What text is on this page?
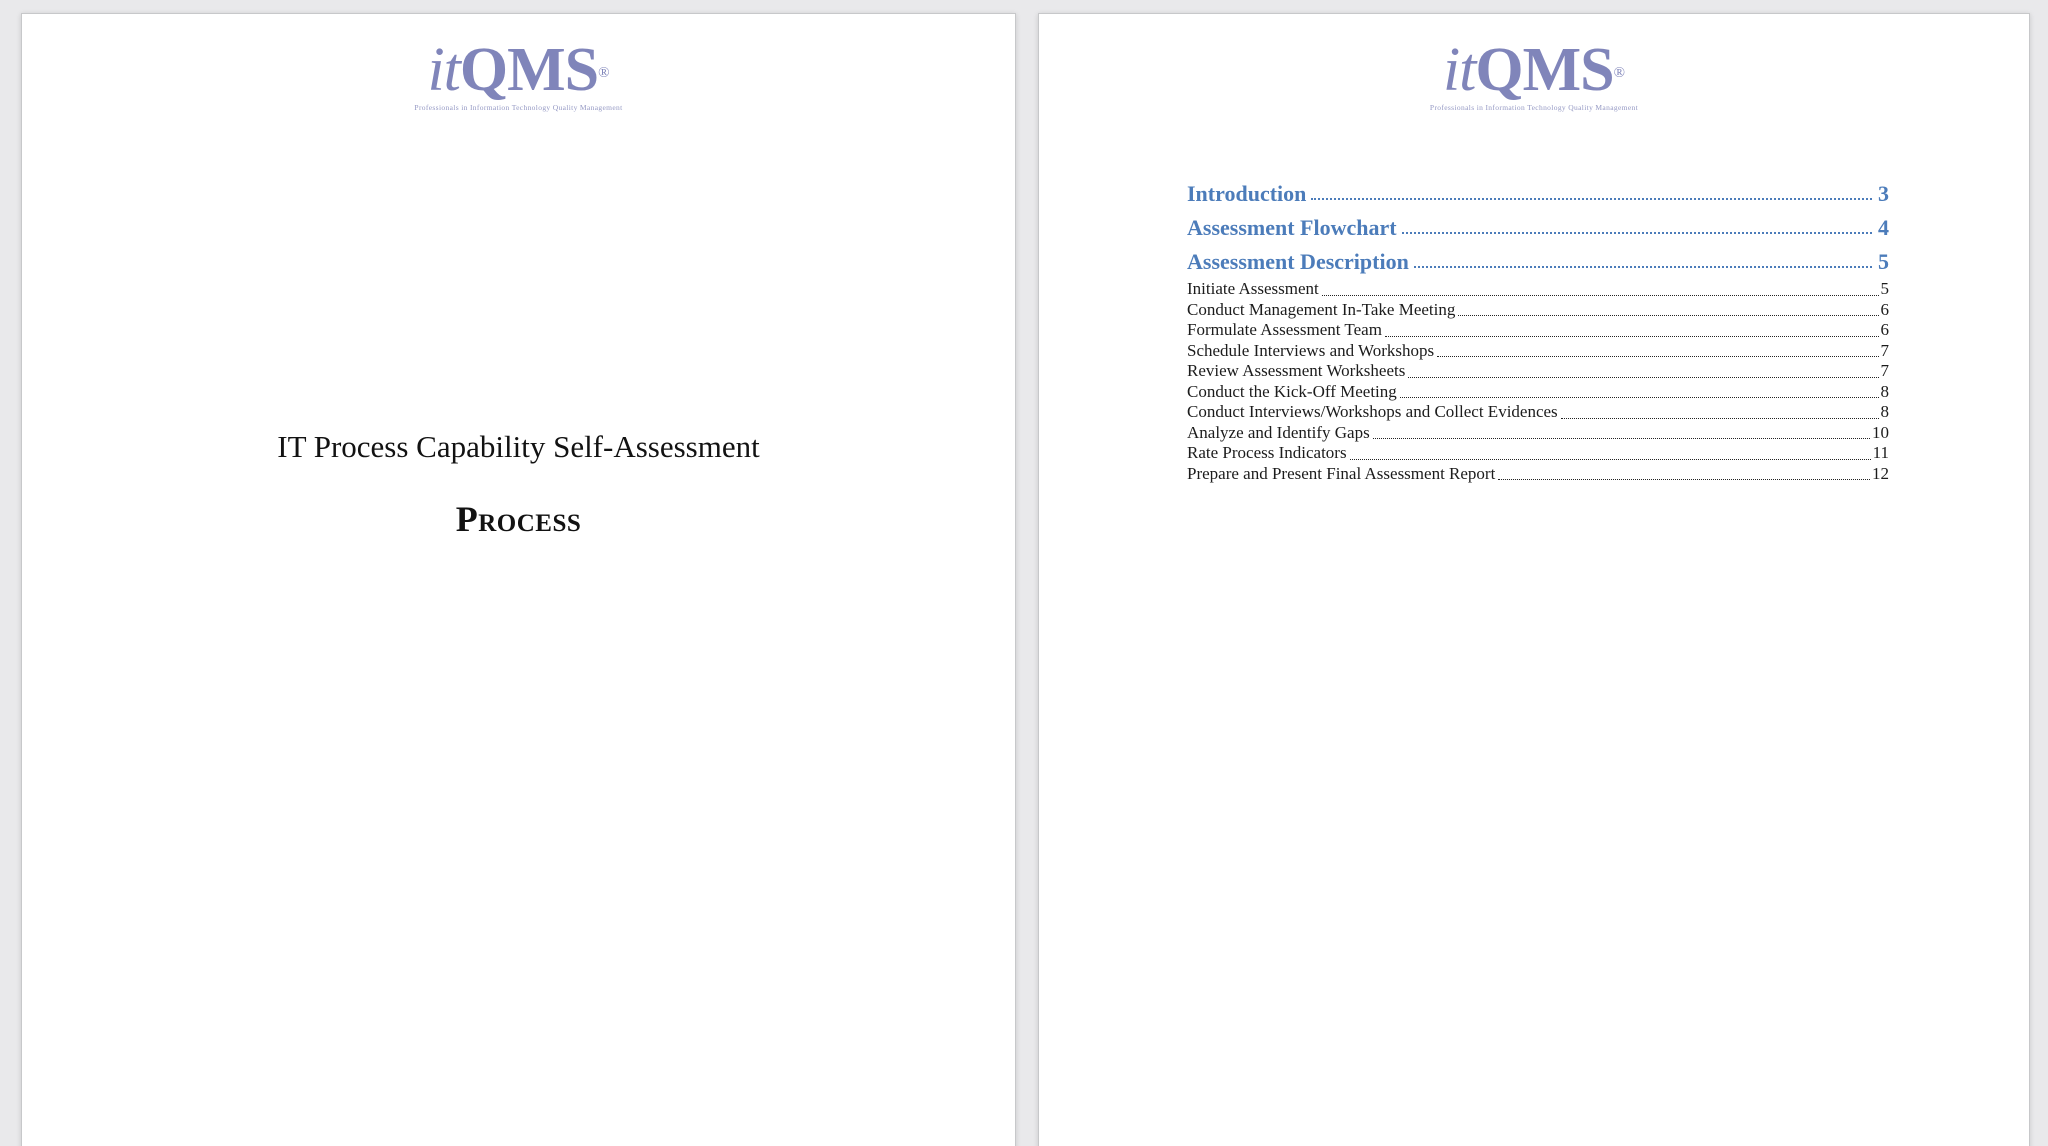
itQMS®
Professionals in Information Technology Quality Management
IT Process Capability Self-Assessment
Process
itQMS®
Professionals in Information Technology Quality Management
Introduction	3
Assessment Flowchart	4
Assessment Description	5
Initiate Assessment	5
Conduct Management In-Take Meeting	6
Formulate Assessment Team	6
Schedule Interviews and Workshops	7
Review Assessment Worksheets	7
Conduct the Kick-Off Meeting	8
Conduct Interviews/Workshops and Collect Evidences	8
Analyze and Identify Gaps	10
Rate Process Indicators	11
Prepare and Present Final Assessment Report	12
